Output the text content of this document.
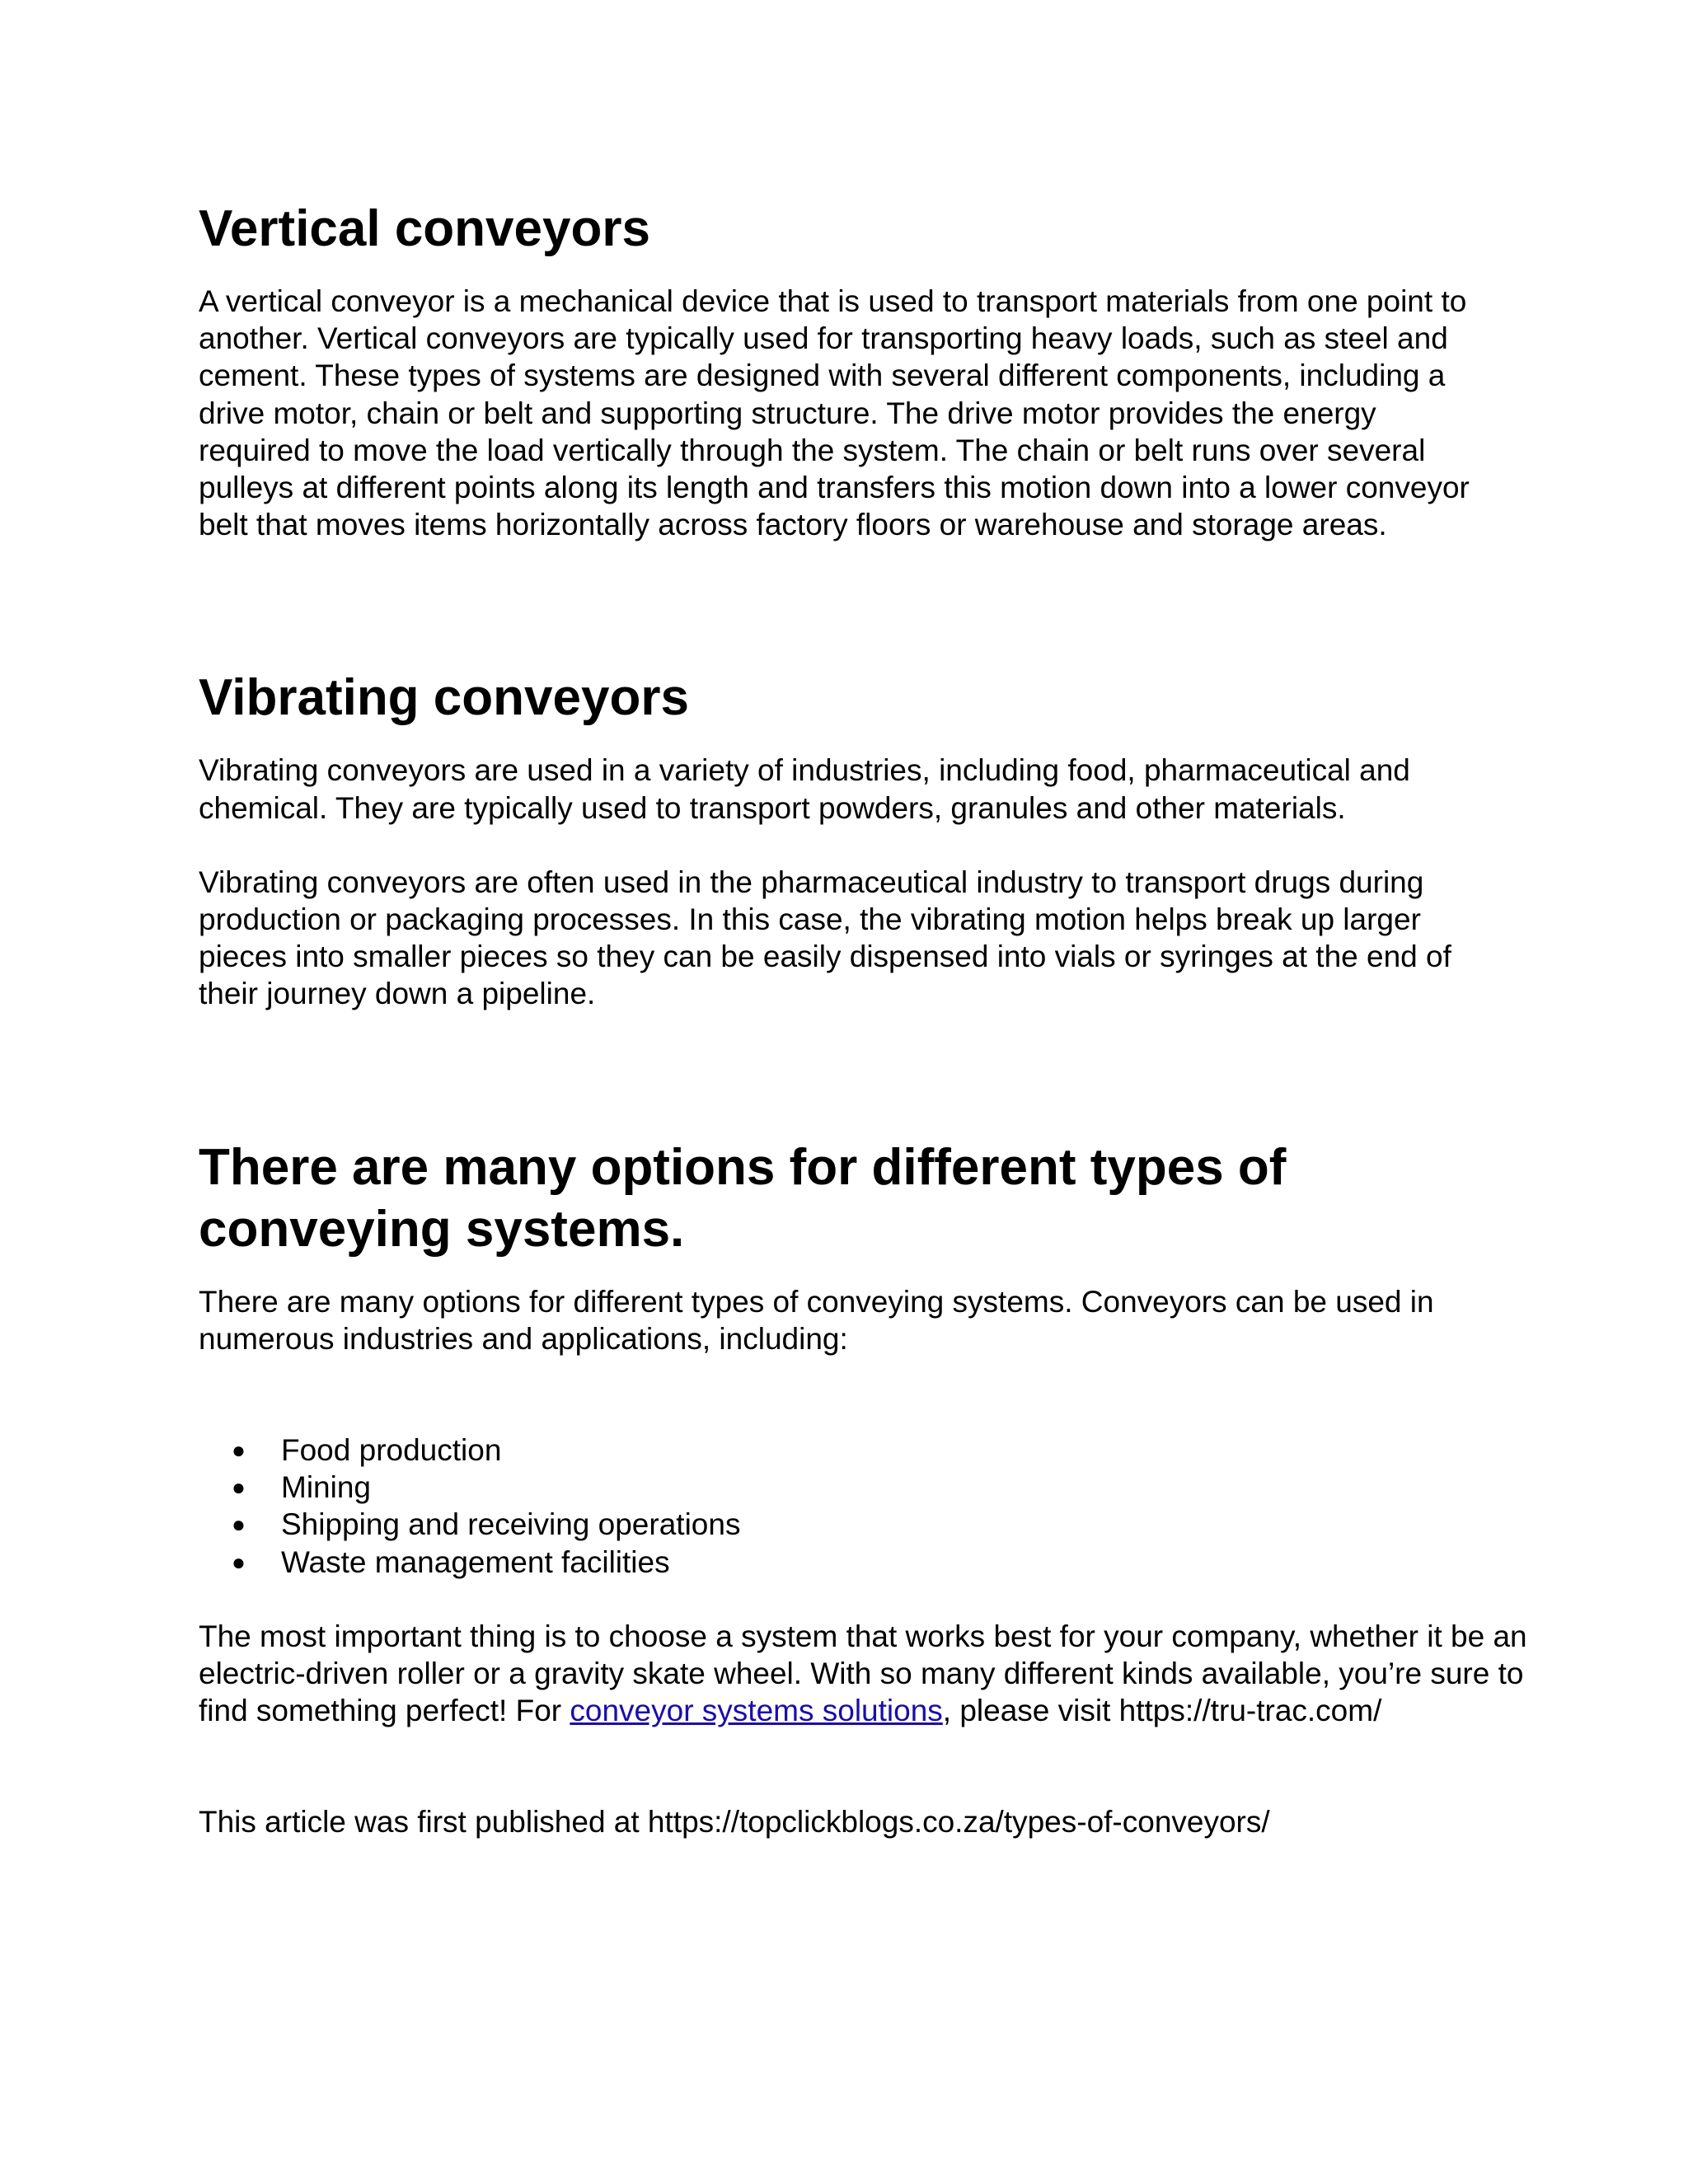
Vertical conveyors

A vertical conveyor is a mechanical device that is used to transport materials from one point to another. Vertical conveyors are typically used for transporting heavy loads, such as steel and cement. These types of systems are designed with several different components, including a drive motor, chain or belt and supporting structure. The drive motor provides the energy required to move the load vertically through the system. The chain or belt runs over several pulleys at different points along its length and transfers this motion down into a lower conveyor belt that moves items horizontally across factory floors or warehouse and storage areas.

Vibrating conveyors

Vibrating conveyors are used in a variety of industries, including food, pharmaceutical and chemical. They are typically used to transport powders, granules and other materials.

Vibrating conveyors are often used in the pharmaceutical industry to transport drugs during production or packaging processes. In this case, the vibrating motion helps break up larger pieces into smaller pieces so they can be easily dispensed into vials or syringes at the end of their journey down a pipeline.

There are many options for different types of conveying systems.

There are many options for different types of conveying systems. Conveyors can be used in numerous industries and applications, including:

● Food production
● Mining
● Shipping and receiving operations
● Waste management facilities

The most important thing is to choose a system that works best for your company, whether it be an electric-driven roller or a gravity skate wheel. With so many different kinds available, you’re sure to find something perfect! For conveyor systems solutions, please visit https://tru-trac.com/

This article was first published at https://topclickblogs.co.za/types-of-conveyors/
